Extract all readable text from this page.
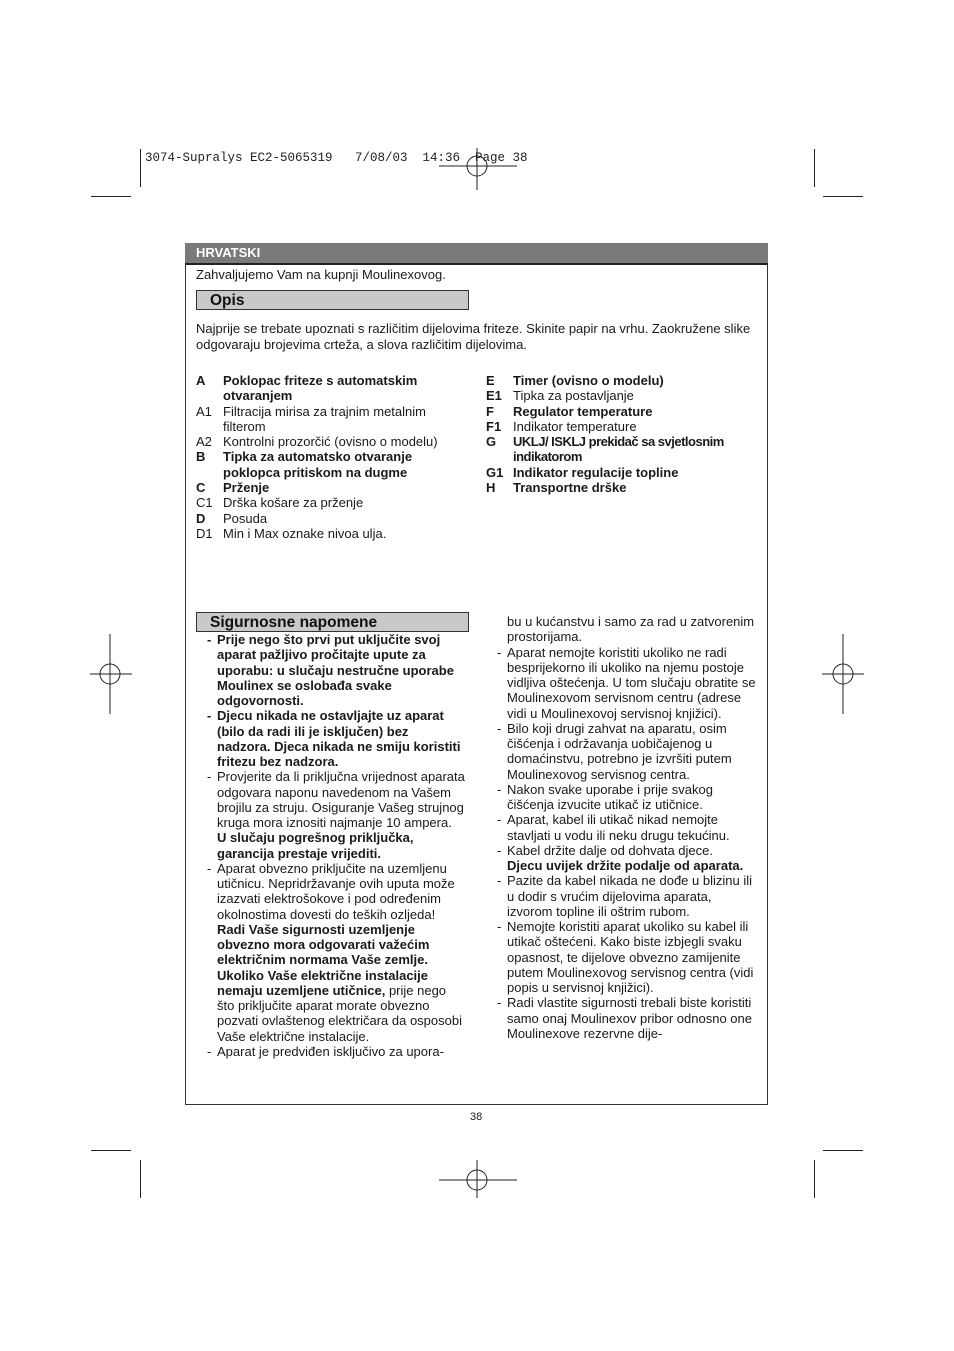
3074-Supralys EC2-5065319   7/08/03  14:36  Page 38
HRVATSKI
Zahvaljujemo Vam na kupnji Moulinexovog.
Opis
Najprije se trebate upoznati s različitim dijelovima friteze. Skinite papir na vrhu. Zaokružene slike odgovaraju brojevima crteža, a slova različitim dijelovima.
A	Poklopac friteze s automatskim otvaranjem
A1 Filtracija mirisa za trajnim metalnim filterom
A2 Kontrolni prozorčić (ovisno o modelu)
B	Tipka za automatsko otvaranje poklopca pritiskom na dugme
C	Prženje
C1 Drška košare za prženje
D	Posuda
D1 Min i Max oznake nivoa ulja.
E	Timer (ovisno o modelu)
E1 Tipka za postavljanje
F	Regulator temperature
F1 Indikator temperature
G	UKLJ/ ISKLJ prekidač sa svjetlosnim indikatorom
G1 Indikator regulacije topline
H	Transportne drške
Sigurnosne napomene
- Prije nego što prvi put uključite svoj aparat pažljivo pročitajte upute za uporabu: u slučaju nestručne uporabe Moulinex se oslobađa svake odgovornosti.
- Djecu nikada ne ostavljajte uz aparat (bilo da radi ili je isključen) bez nadzora. Djeca nikada ne smiju koristiti fritezu bez nadzora.
- Provjerite da li priključna vrijednost aparata odgovara naponu navedenom na Vašem brojilu za struju. Osiguranje Vašeg strujnog kruga mora iznositi najmanje 10 ampera.
U slučaju pogrešnog priključka, garancija prestaje vrijediti.
- Aparat obvezno priključite na uzemljenu utičnicu. Nepridržavanje ovih uputa može izazvati elektrošokove i pod određenim okolnostima dovesti do teških ozljeda! Radi Vaše sigurnosti uzemljenje obvezno mora odgovarati važećim električnim normama Vaše zemlje.
Ukoliko Vaše električne instalacije nemaju uzemljene utičnice, prije nego što priključite aparat morate obvezno pozvati ovlaštenog električara da osposobi Vaše električne instalacije.
- Aparat je predviđen isključivo za upora-
bu u kućanstvu i samo za rad u zatvorenim prostorijama.
- Aparat nemojte koristiti ukoliko ne radi besprijekorno ili ukoliko na njemu postoje vidljiva oštećenja. U tom slučaju obratite se Moulinexovom servisnom centru (adrese vidi u Moulinexovoj servisnoj knjižici).
- Bilo koji drugi zahvat na aparatu, osim čišćenja i održavanja uobičajenog u domaćinstvu, potrebno je izvršiti putem Moulinexovog servisnog centra.
- Nakon svake uporabe i prije svakog čišćenja izvucite utikač iz utičnice.
- Aparat, kabel ili utikač nikad nemojte stavljati u vodu ili neku drugu tekućinu.
- Kabel držite dalje od dohvata djece.
Djecu uvijek držite podalje od aparata.
- Pazite da kabel nikada ne dođe u blizinu ili u dodir s vrućim dijelovima aparata, izvorom topline ili oštrim rubom.
- Nemojte koristiti aparat ukoliko su kabel ili utikač oštećeni. Kako biste izbjegli svaku opasnost, te dijelove obvezno zamijenite putem Moulinexovog servisnog centra (vidi popis u servisnoj knjižici).
- Radi vlastite sigurnosti trebali biste koristiti samo onaj Moulinexov pribor odnosno one Moulinexove rezervne dije-
38
